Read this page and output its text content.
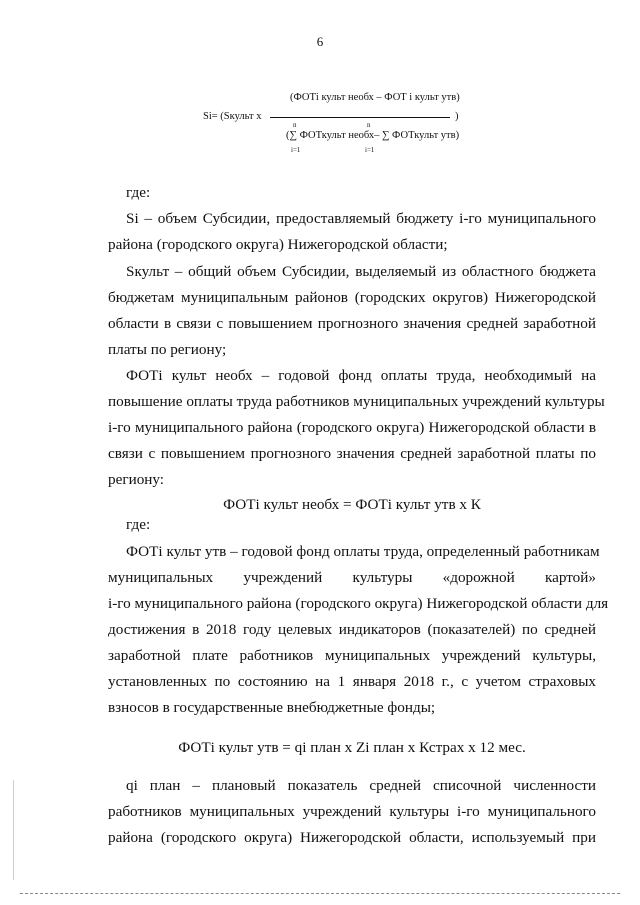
6
Si= (Sкульт х
(ФОТi культ необх – ФОТ i культ утв)
)
n	n
(∑ ФОТкульт необх– ∑ ФОТкульт утв)
i=1	i=1
где:
Si – объем Субсидии, предоставляемый бюджету i-го муниципального
района (городского округа) Нижегородской области;
Sкульт – общий объем Субсидии, выделяемый из областного бюджета
бюджетам муниципальным районов (городских округов) Нижегородской
области в связи с повышением прогнозного значения средней заработной
платы по региону;
ФОТi культ необх – годовой фонд оплаты труда, необходимый на
повышение оплаты труда работников муниципальных учреждений культуры
i-го муниципального района (городского округа) Нижегородской области в
связи с повышением прогнозного значения средней заработной платы по
региону:
ФОТi культ необх = ФОТi культ утв х К
где:
ФОТi культ утв – годовой фонд оплаты труда, определенный работникам
муниципальных учреждений культуры «дорожной картой»
i-го муниципального района (городского округа) Нижегородской области для
достижения в 2018 году целевых индикаторов (показателей) по средней
заработной плате работников муниципальных учреждений культуры,
установленных по состоянию на 1 января 2018 г., с учетом страховых
взносов в государственные внебюджетные фонды;
ФОТi культ утв = qi план х Zi план х Кстрах х 12 мес.
qi план – плановый показатель средней списочной численности
работников муниципальных учреждений культуры i-го муниципального
района (городского округа) Нижегородской области, используемый при
